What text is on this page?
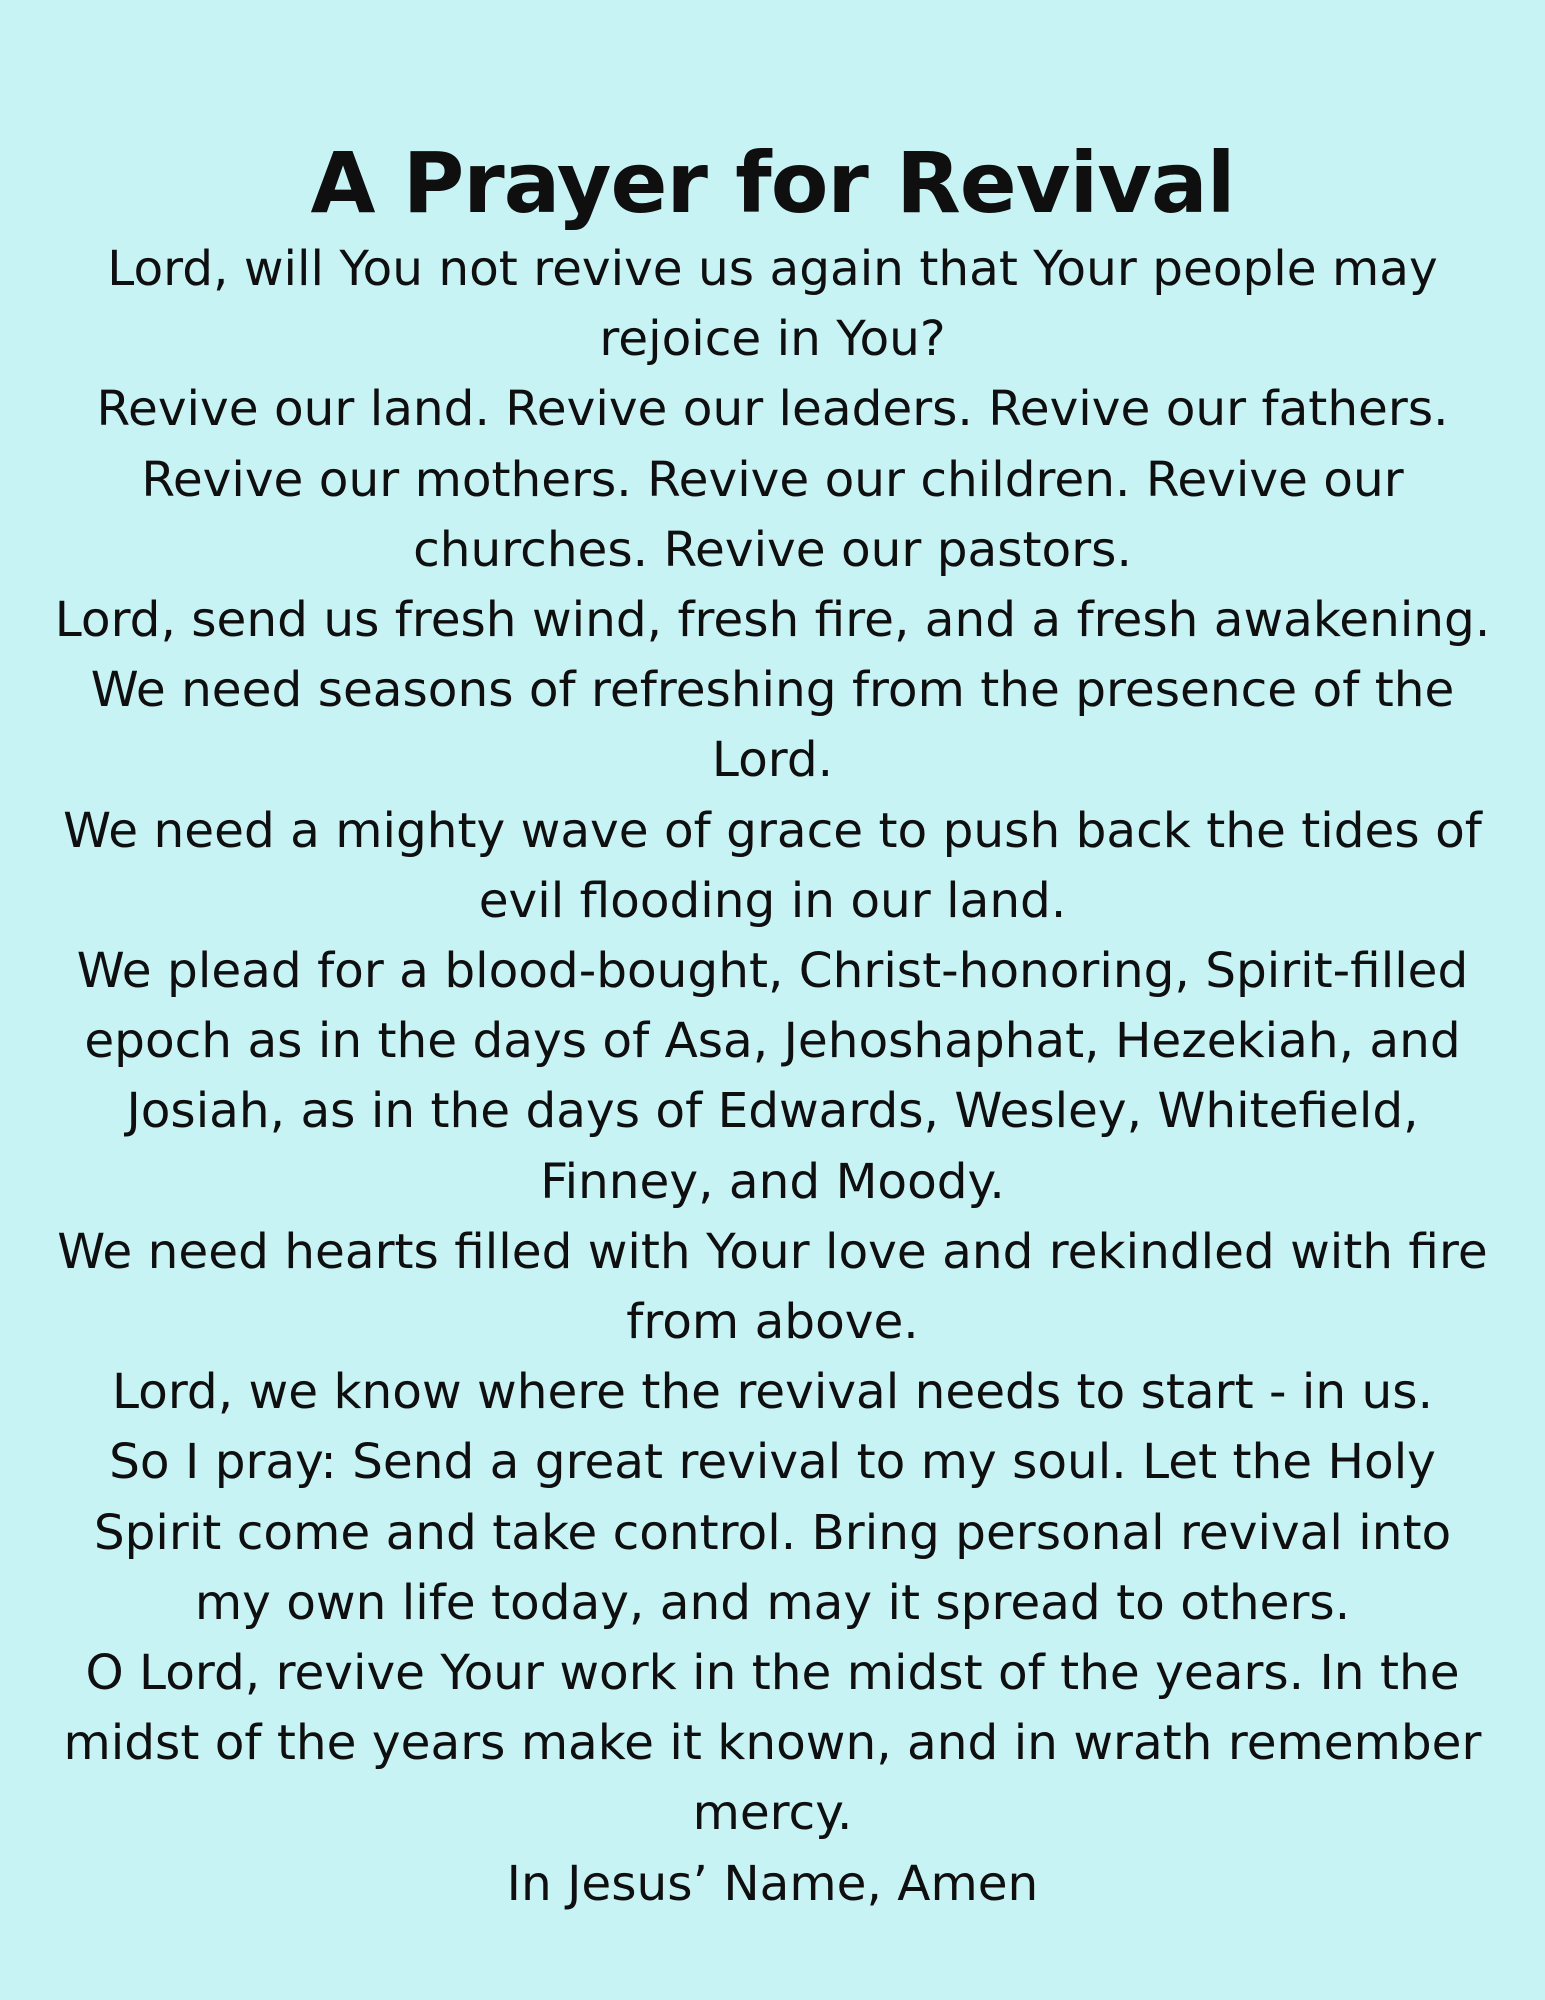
A Prayer for Revival

Lord, will You not revive us again that Your people may rejoice in You?

Revive our land. Revive our leaders. Revive our fathers. Revive our mothers. Revive our children. Revive our churches. Revive our pastors.

Lord, send us fresh wind, fresh fire, and a fresh awakening.

We need seasons of refreshing from the presence of the Lord.

We need a mighty wave of grace to push back the tides of evil flooding in our land.

We plead for a blood-bought, Christ-honoring, Spirit-filled epoch as in the days of Asa, Jehoshaphat, Hezekiah, and Josiah, as in the days of Edwards, Wesley, Whitefield, Finney, and Moody.

We need hearts filled with Your love and rekindled with fire from above.

Lord, we know where the revival needs to start - in us.

So I pray: Send a great revival to my soul. Let the Holy Spirit come and take control. Bring personal revival into my own life today, and may it spread to others.

O Lord, revive Your work in the midst of the years. In the midst of the years make it known, and in wrath remember mercy.

In Jesus’ Name, Amen
